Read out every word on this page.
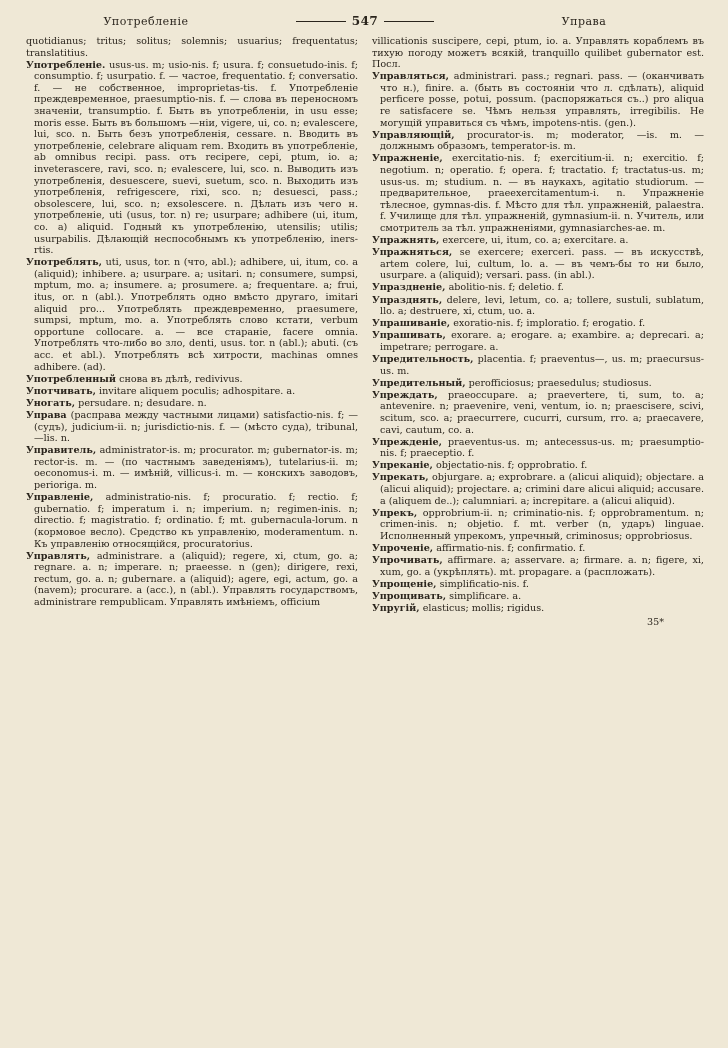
Употребленіе	547	Управа

quotidianus; tritus; solitus; solemnis; usuarius; frequentatus; translatitius.

Употребленіе. usus-us. m; usio-nis. f; usura. f; consuetudo-inis. f; consumptio. f; usurpatio. f. — частое, frequentatio. f; conversatio. f. — не собственное, improprietas-tis. f. Употребленіе преждевременное, praesumptio-nis. f. — слова въ переносномъ значеніи, transumptio. f. Быть въ употребленіи, in usu esse; moris esse. Быть въ большомъ —нiи, vigere, ui, co. n; evalescere, lui, sco. n. Быть безъ употребленія, cessare. n. Вводить въ употребленіе, celebrare aliquam rem. Входить въ употребленіе, ab omnibus recipi. pass. отъ recipere, cepi, ptum, io. a; inveterascere, ravi, sco. n; evalescere, lui, sco. n. Выводить изъ употребленія, desuescere, suevi, suetum, sco. n. Выходить изъ употребленія, refrigescere, rixi, sco. n; desuesci, pass.; obsolescere, lui, sco. n; exsolescere. n. Дѣлать изъ чего н. употребленіе, uti (usus, tor. n) re; usurpare; adhibere (ui, itum, co. a) aliquid. Годный къ употребленію, utensilis; utilis; usurpabilis. Дѣлающій неспособнымъ къ употребленію, iners-rtis.

Употреблять, uti, usus, tor. n (что, abl.); adhibere, ui, itum, co. a (aliquid); inhibere. a; usurpare. a; usitari. n; consumere, sumpsi, mptum, mo. a; insumere. a; prosumere. a; frequentare. a; frui, itus, or. n (abl.). Употреблять одно вмѣсто другаго, imitari aliquid pro... Употреблять преждевременно, praesumere, sumpsi, mptum, mo. a. Употреблять слово кстати, verbum opportune collocare. a. — все старанiе, facere omnia. Употреблять что-либо во зло, denti, usus. tor. n (abl.); abuti. (съ acc. et abl.). Употреблять всѣ хитрости, machinas omnes adhibere. (ad).

Употребленный снова въ дѣлѣ, redivivus.

Употчивать, invitare aliquem poculis; adhospitare. a.

Уногать, persudare. n; desudare. n.

Управа (расправа между частными лицами) satisfactio-nis. f; — (судъ), judicium-ii. n; jurisdictio-nis. f. — (мѣсто суда), tribunal, —lis. n.

Управитель, administrator-is. m; procurator. m; gubernator-is. m; rector-is. m. — (по частнымъ заведеніямъ), tutelarius-ii. m; oeconomus-i. m. — имѣній, villicus-i. m. — конскихъ заводовъ, perioriga. m.

Управленіе, administratio-nis. f; procuratio. f; rectio. f; gubernatio. f; imperatum i. n; imperium. n; regimen-inis. n; directio. f; magistratio. f; ordinatio. f; mt. gubernacula-lorum. n (кормовое весло). Средство къ управленію, moderamentum. n. Къ управленію относящійся, procuratorius.

Управлять, administrare. a (aliquid); regere, xi, ctum, go. a; regnare. a. n; imperare. n; praeesse. n (gen); dirigere, rexi, rectum, go. a. n; gubernare. a (aliquid); agere, egi, actum, go. a (navem); procurare. a (acc.), n (abl.). Управлять государствомъ, administrare rempublicam. Управлять имѣніемъ, officium

villicationis suscipere, cepi, ptum, io. a. Управлять кораблемъ въ тихую погоду можетъ всякій, tranquillo quilibet gubernator est. Посл.

Управляться, administrari. pass.; regnari. pass. — (оканчивать что н.), finire. a. (быть въ состояніи что л. сдѣлать), aliquid perficere posse, potui, possum. (распоряжаться съ..) pro aliqua re satisfacere se. Чѣмъ нельзя управлять, irregibilis. Не могущій управиться съ чѣмъ, impotens-ntis. (gen.).

Управляющій, procurator-is. m; moderator, —is. m. — должнымъ образомъ, temperator-is. m.

Упражненіе, exercitatio-nis. f; exercitium-ii. n; exercitio. f; negotium. n; operatio. f; opera. f; tractatio. f; tractatus-us. m; usus-us. m; studium. n. — въ наукахъ, agitatio studiorum. — предварительное, praeexercitamentum-i. n. Упражненіе тѣлесное, gymnas-dis. f. Мѣсто для тѣл. упражненій, palaestra. f. Училище для тѣл. упражненій, gymnasium-ii. n. Учитель, или смотритель за тѣл. упражненіями, gymnasiarches-ae. m.

Упражнять, exercere, ui, itum, co. a; exercitare. a.

Упражняться, se exercere; exerceri. pass. — въ искусствѣ, artem colere, lui, cultum, lo. a. — въ чемъ-бы то ни было, usurpare. a (aliquid); versari. pass. (in abl.).

Упраздненіе, abolitio-nis. f; deletio. f.

Упразднять, delere, levi, letum, co. a; tollere, sustuli, sublatum, llo. a; destruere, xi, ctum, uo. a.

Упрашиванiе, exoratio-nis. f; imploratio. f; erogatio. f.

Упрашивать, exorare. a; erogare. a; exambire. a; deprecari. a; impetrare; perrogare. a.

Упредительность, placentia. f; praeventus—, us. m; praecursus-us. m.

Упредительный, perofficiosus; praesedulus; studiosus.

Упреждать, praeoccupare. a; praevertere, ti, sum, to. a; antevenire. n; praevenire, veni, ventum, io. n; praescisere, scivi, scitum, sco. a; praecurrere, cucurri, cursum, rro. a; praecavere, cavi, cautum, co. a.

Упрежденіе, praeventus-us. m; antecessus-us. m; praesumptio-nis. f; praeceptio. f.

Упреканіе, objectatio-nis. f; opprobratio. f.

Упрекать, objurgare. a; exprobrare. a (alicui aliquid); objectare. a (alicui aliquid); projectare. a; crimini dare alicui aliquid; accusare. a (aliquem de..); calumniari. a; increpitare. a (alicui aliquid).

Упрекъ, opprobrium-ii. n; criminatio-nis. f; opprobramentum. n; crimen-inis. n; objetio. f. mt. verber (n, ударъ) linguae. Исполненный упрекомъ, упречный, criminosus; opprobriosus.

Упроченіе, affirmatio-nis. f; confirmatio. f.

Упрочивать, affirmare. a; asservare. a; firmare. a. n; figere, xi, xum, go. a (укрѣплять). mt. propagare. a (распложать).

Упрощеніе, simplificatio-nis. f.

Упрощивать, simplificare. a.

Упругій, elasticus; mollis; rigidus.

35*
